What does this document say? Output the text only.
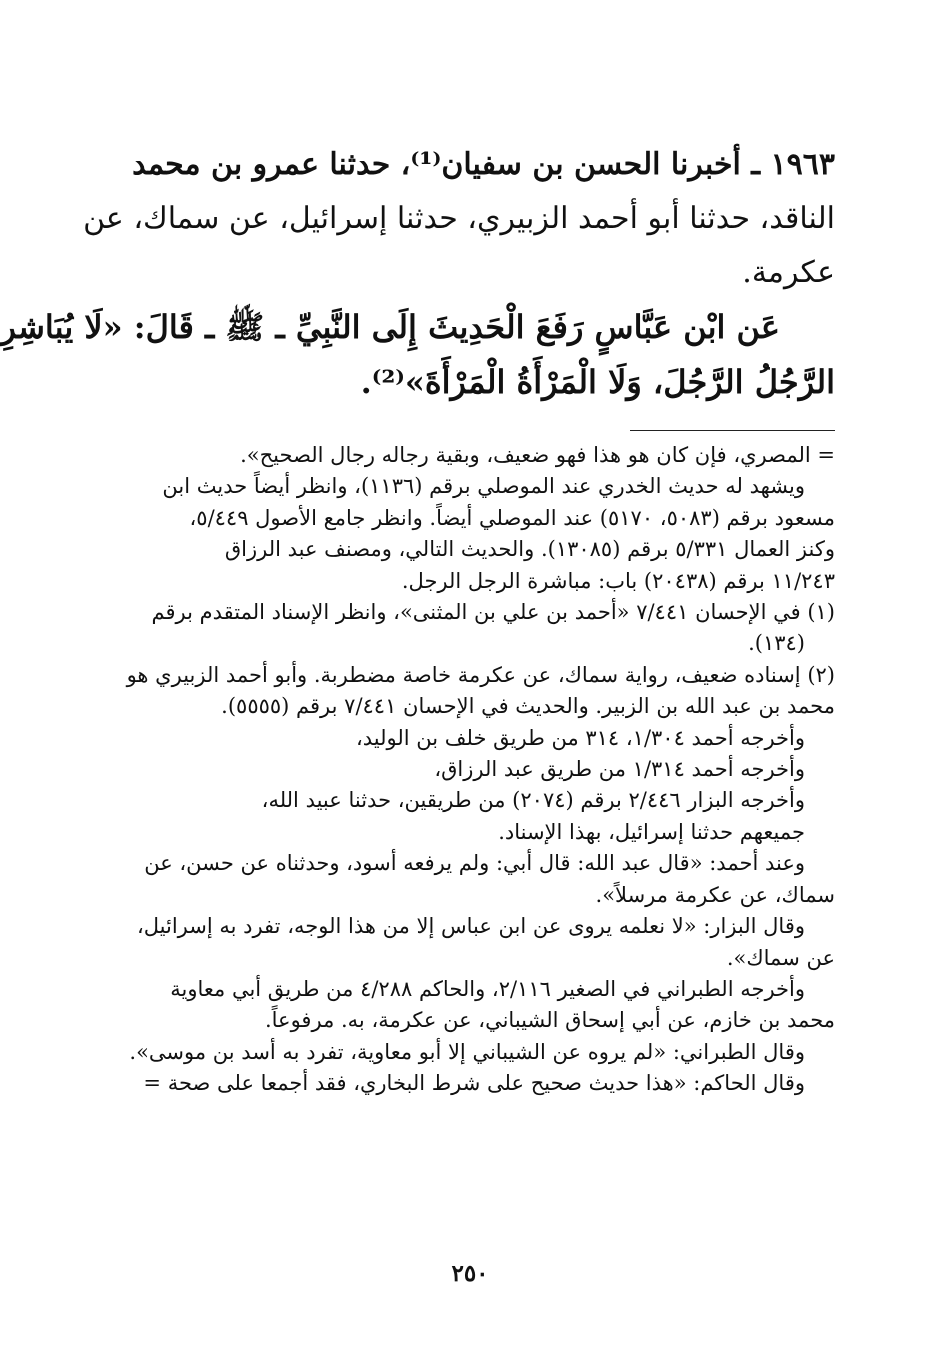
١٩٦٣ ـ أخبرنا الحسن بن سفيان⁽¹⁾، حدثنا عمرو بن محمد
الناقد، حدثنا أبو أحمد الزبيري، حدثنا إسرائيل، عن سماك، عن
عكرمة.
عَن ابْن عَبَّاسٍ رَفَعَ الْحَدِيثَ إِلَى النَّبِيِّ ـ ﷺ ـ قَالَ: «لَا يُبَاشِرِ
الرَّجُلُ الرَّجُلَ، وَلَا الْمَرْأَةُ الْمَرْأَةَ»⁽²⁾.
= المصري، فإن كان هو هذا فهو ضعيف، وبقية رجاله رجال الصحيح».
ويشهد له حديث الخدري عند الموصلي برقم (١١٣٦)، وانظر أيضاً حديث ابن
مسعود برقم (٥٠٨٣، ٥١٧٠) عند الموصلي أيضاً. وانظر جامع الأصول ٥/٤٤٩،
وكنز العمال ٥/٣٣١ برقم (١٣٠٨٥). والحديث التالي، ومصنف عبد الرزاق
١١/٢٤٣ برقم (٢٠٤٣٨) باب: مباشرة الرجل الرجل.
(١) في الإحسان ٧/٤٤١ «أحمد بن علي بن المثنى»، وانظر الإسناد المتقدم برقم
(١٣٤).
(٢) إسناده ضعيف، رواية سماك، عن عكرمة خاصة مضطربة. وأبو أحمد الزبيري هو
محمد بن عبد الله بن الزبير. والحديث في الإحسان ٧/٤٤١ برقم (٥٥٥٥).
وأخرجه أحمد ١/٣٠٤، ٣١٤ من طريق خلف بن الوليد،
وأخرجه أحمد ١/٣١٤ من طريق عبد الرزاق،
وأخرجه البزار ٢/٤٤٦ برقم (٢٠٧٤) من طريقين، حدثنا عبيد الله،
جميعهم حدثنا إسرائيل، بهذا الإسناد.
وعند أحمد: «قال عبد الله: قال أبي: ولم يرفعه أسود، وحدثناه عن حسن، عن
سماك، عن عكرمة مرسلاً».
وقال البزار: «لا نعلمه يروى عن ابن عباس إلا من هذا الوجه، تفرد به إسرائيل،
عن سماك».
وأخرجه الطبراني في الصغير ٢/١١٦، والحاكم ٤/٢٨٨ من طريق أبي معاوية
محمد بن خازم، عن أبي إسحاق الشيباني، عن عكرمة، به. مرفوعاً.
وقال الطبراني: «لم يروه عن الشيباني إلا أبو معاوية، تفرد به أسد بن موسى».
وقال الحاكم: «هذا حديث صحيح على شرط البخاري، فقد أجمعا على صحة =
٢٥٠
